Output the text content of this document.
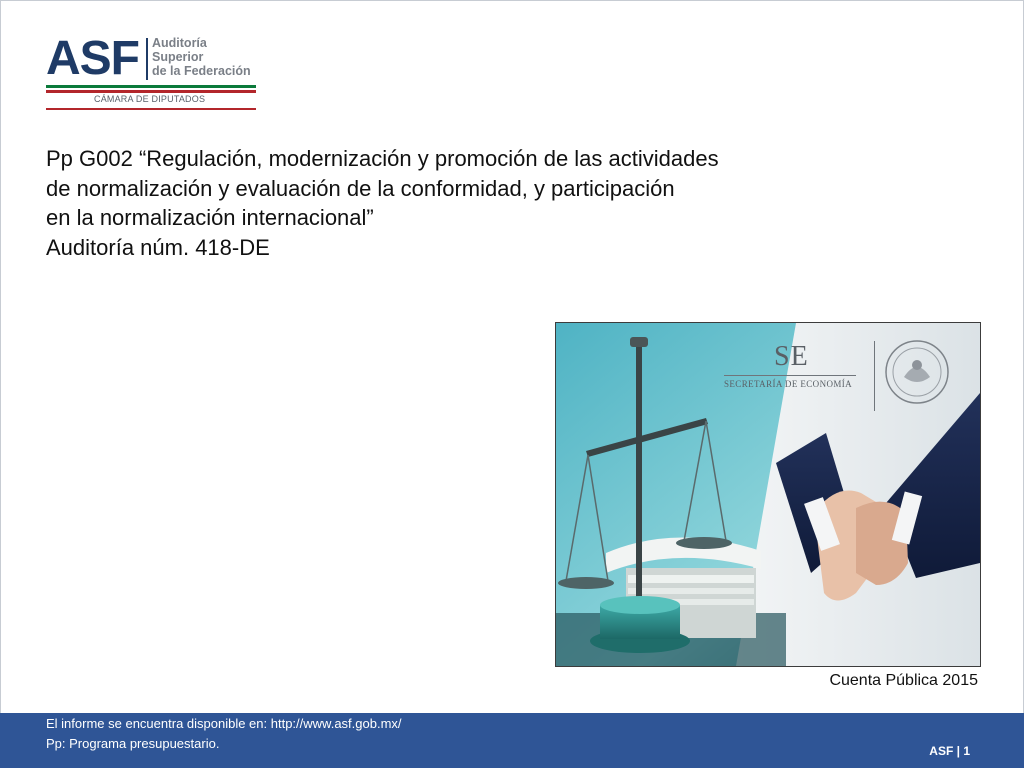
ASF Auditoría
Superior
de la Federación
CÁMARA DE DIPUTADOS
Pp G002 “Regulación, modernización y promoción de las actividades
de normalización y evaluación de la conformidad, y participación
en la normalización internacional”
Auditoría núm. 418-DE
SE
SECRETARÍA DE ECONOMÍA
Cuenta Pública 2015
El informe se encuentra disponible en: http://www.asf.gob.mx/
Pp: Programa presupuestario.	ASF | 1
